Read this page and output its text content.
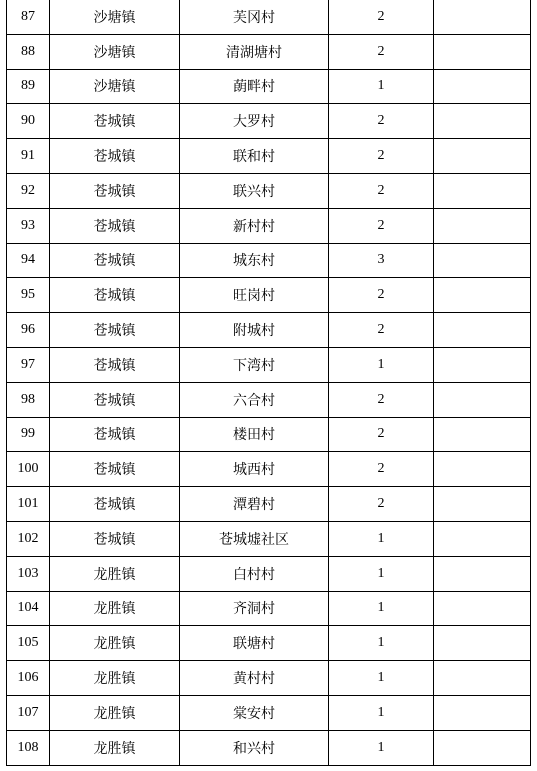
87	沙塘镇	芙冈村	2	
88	沙塘镇	清湖塘村	2	
89	沙塘镇	蓢畔村	1	
90	苍城镇	大罗村	2	
91	苍城镇	联和村	2	
92	苍城镇	联兴村	2	
93	苍城镇	新村村	2	
94	苍城镇	城东村	3	
95	苍城镇	旺岗村	2	
96	苍城镇	附城村	2	
97	苍城镇	下湾村	1	
98	苍城镇	六合村	2	
99	苍城镇	楼田村	2	
100	苍城镇	城西村	2	
101	苍城镇	潭碧村	2	
102	苍城镇	苍城墟社区	1	
103	龙胜镇	白村村	1	
104	龙胜镇	齐洞村	1	
105	龙胜镇	联塘村	1	
106	龙胜镇	黄村村	1	
107	龙胜镇	棠安村	1	
108	龙胜镇	和兴村	1	
